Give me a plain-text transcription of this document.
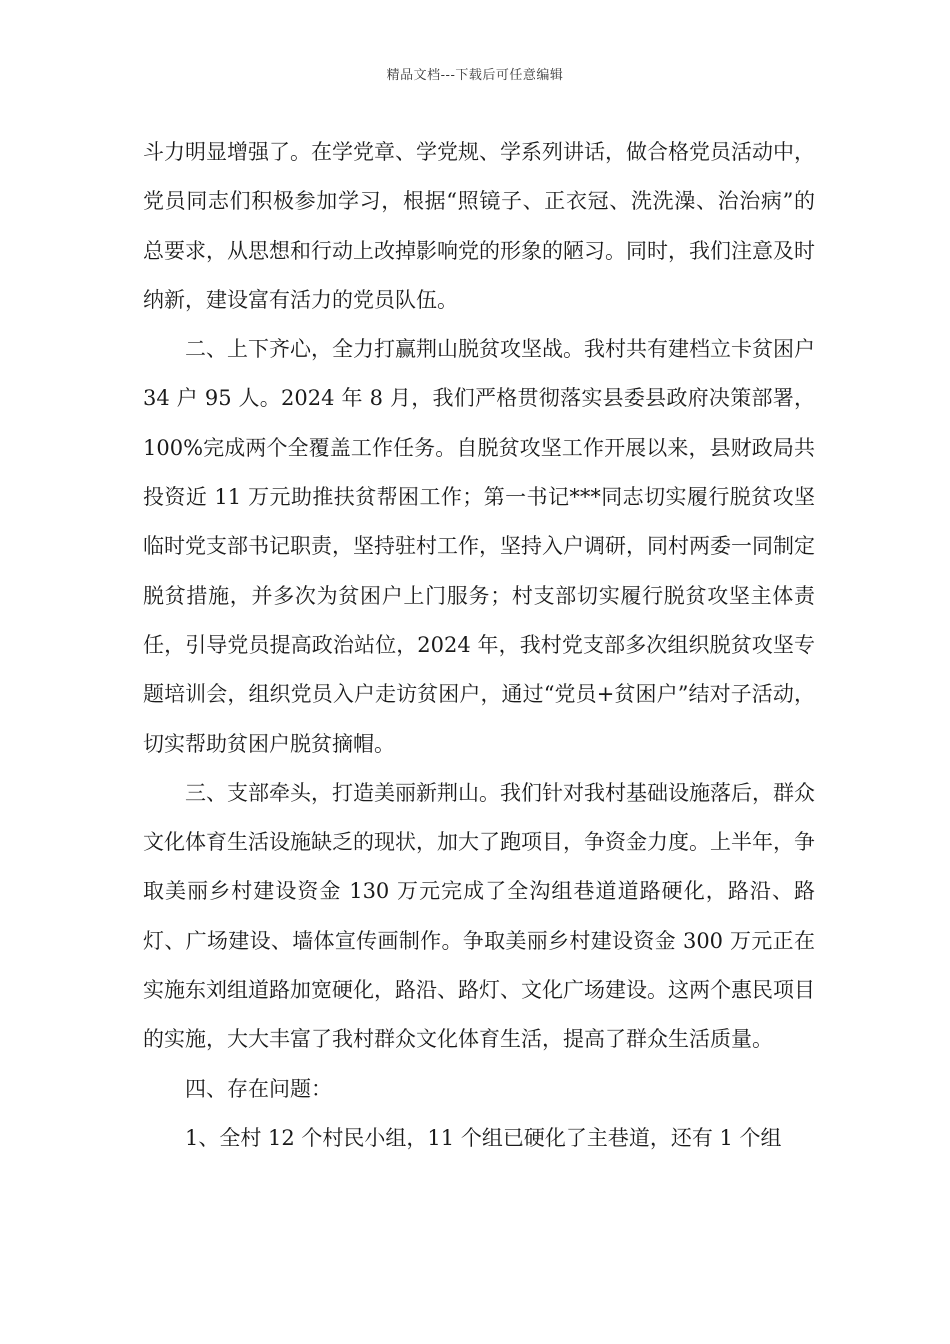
精品文档---下载后可任意编辑

斗力明显增强了。在学党章、学党规、学系列讲话，做合格党员活动中，党员同志们积极参加学习，根据“照镜子、正衣冠、洗洗澡、治治病”的总要求，从思想和行动上改掉影响党的形象的陋习。同时，我们注意及时纳新，建设富有活力的党员队伍。

二、上下齐心，全力打赢荆山脱贫攻坚战。我村共有建档立卡贫困户 34 户 95 人。2024 年 8 月，我们严格贯彻落实县委县政府决策部署，100%完成两个全覆盖工作任务。自脱贫攻坚工作开展以来，县财政局共投资近 11 万元助推扶贫帮困工作；第一书记***同志切实履行脱贫攻坚临时党支部书记职责，坚持驻村工作，坚持入户调研，同村两委一同制定脱贫措施，并多次为贫困户上门服务；村支部切实履行脱贫攻坚主体责任，引导党员提高政治站位，2024 年，我村党支部多次组织脱贫攻坚专题培训会，组织党员入户走访贫困户，通过“党员+贫困户”结对子活动，切实帮助贫困户脱贫摘帽。

三、支部牵头，打造美丽新荆山。我们针对我村基础设施落后，群众文化体育生活设施缺乏的现状，加大了跑项目，争资金力度。上半年，争取美丽乡村建设资金 130 万元完成了全沟组巷道道路硬化，路沿、路灯、广场建设、墙体宣传画制作。争取美丽乡村建设资金 300 万元正在实施东刘组道路加宽硬化，路沿、路灯、文化广场建设。这两个惠民项目的实施，大大丰富了我村群众文化体育生活，提高了群众生活质量。

四、存在问题：

1、全村 12 个村民小组，11 个组已硬化了主巷道，还有 1 个组
